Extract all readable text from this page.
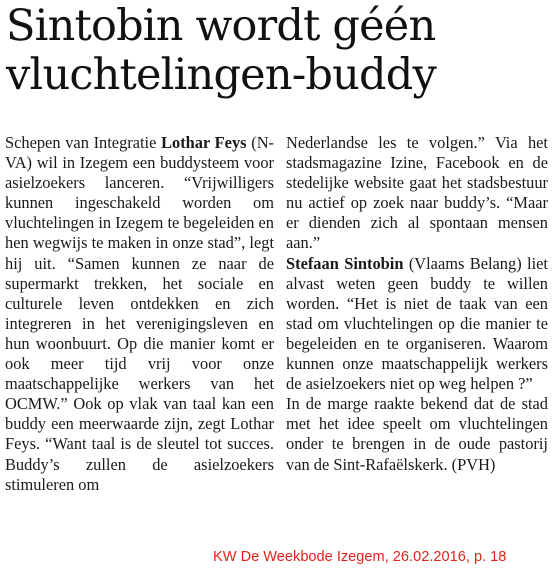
Sintobin wordt géén
vluchtelingen-buddy

Schepen van Integratie Lothar Feys (N-VA) wil in Izegem een buddysteem voor asielzoekers lanceren. “Vrijwilligers kunnen ingeschakeld worden om vluchtelingen in Izegem te begeleiden en hen wegwijs te maken in onze stad”, legt hij uit. “Samen kunnen ze naar de supermarkt trekken, het sociale en culturele leven ontdekken en zich integreren in het verenigingsleven en hun woonbuurt. Op die manier komt er ook meer tijd vrij voor onze maatschappelijke werkers van het OCMW.” Ook op vlak van taal kan een buddy een meerwaarde zijn, zegt Lothar Feys. “Want taal is de sleutel tot succes. Buddy’s zullen de asielzoekers stimuleren om

Nederlandse les te volgen.” Via het stadsmagazine Izine, Facebook en de stedelijke website gaat het stadsbestuur nu actief op zoek naar buddy’s. “Maar er dienden zich al spontaan mensen aan.”

Stefaan Sintobin (Vlaams Belang) liet alvast weten geen buddy te willen worden. “Het is niet de taak van een stad om vluchtelingen op die manier te begeleiden en te organiseren. Waarom kunnen onze maatschappelijk werkers de asielzoekers niet op weg helpen ?”

In de marge raakte bekend dat de stad met het idee speelt om vluchtelingen onder te brengen in de oude pastorij van de Sint-Rafaëlskerk. (PVH)

KW De Weekbode Izegem, 26.02.2016, p. 18
